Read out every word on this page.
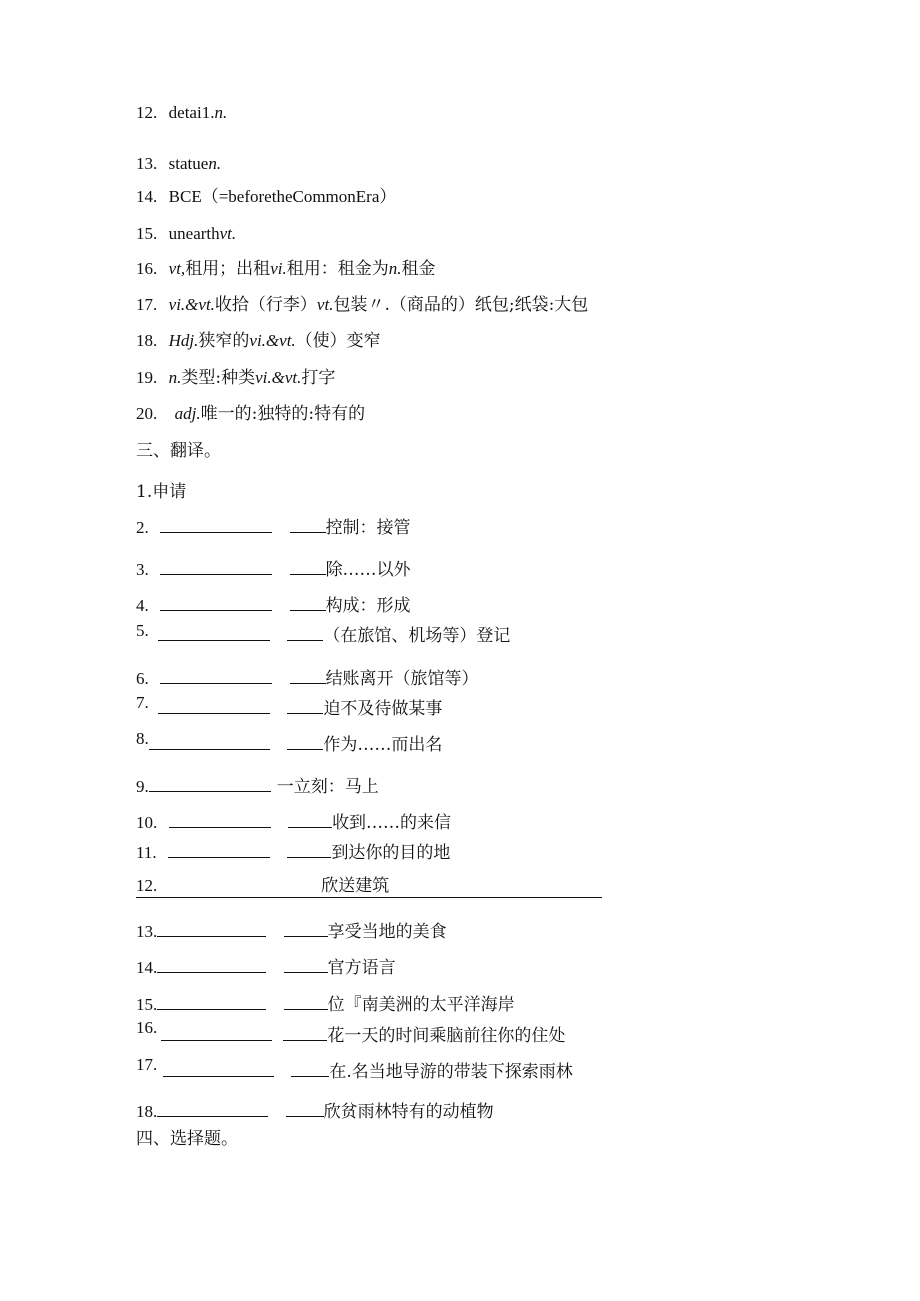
12. detai1.n.
13. statuen.
14. BCE（=beforetheCommonEra）
15. unearthvt.
16. vt,租用；出租vi.租用：租金为n.租金
17. vi.&vt.收拾（行李）vt.包装〃.（商品的）纸包;纸袋:大包
18. Hdj.狭窄的vi.&vt.（使）变窄
19. n.类型:种类vi.&vt.打字
20. adj.唯一的:独特的:特有的
三、翻译。
1.申请
2.	控制：接管
3.	除……以外
4.	构成：形成
5.	（在旅馆、机场等）登记
6.	结账离开（旅馆等）
7.	迫不及待做某事
8.	作为……而出名
9.	一立刻：马上
10.	收到……的来信
11.	到达你的目的地
12.	欣送建筑
13.	享受当地的美食
14.	官方语言
15.	位『南美洲的太平洋海岸
16.	花一天的时间乘脑前往你的住处
17.	在.名当地导游的带装下探索雨林
18.	欣贫雨林特有的动植物
四、选择题。
